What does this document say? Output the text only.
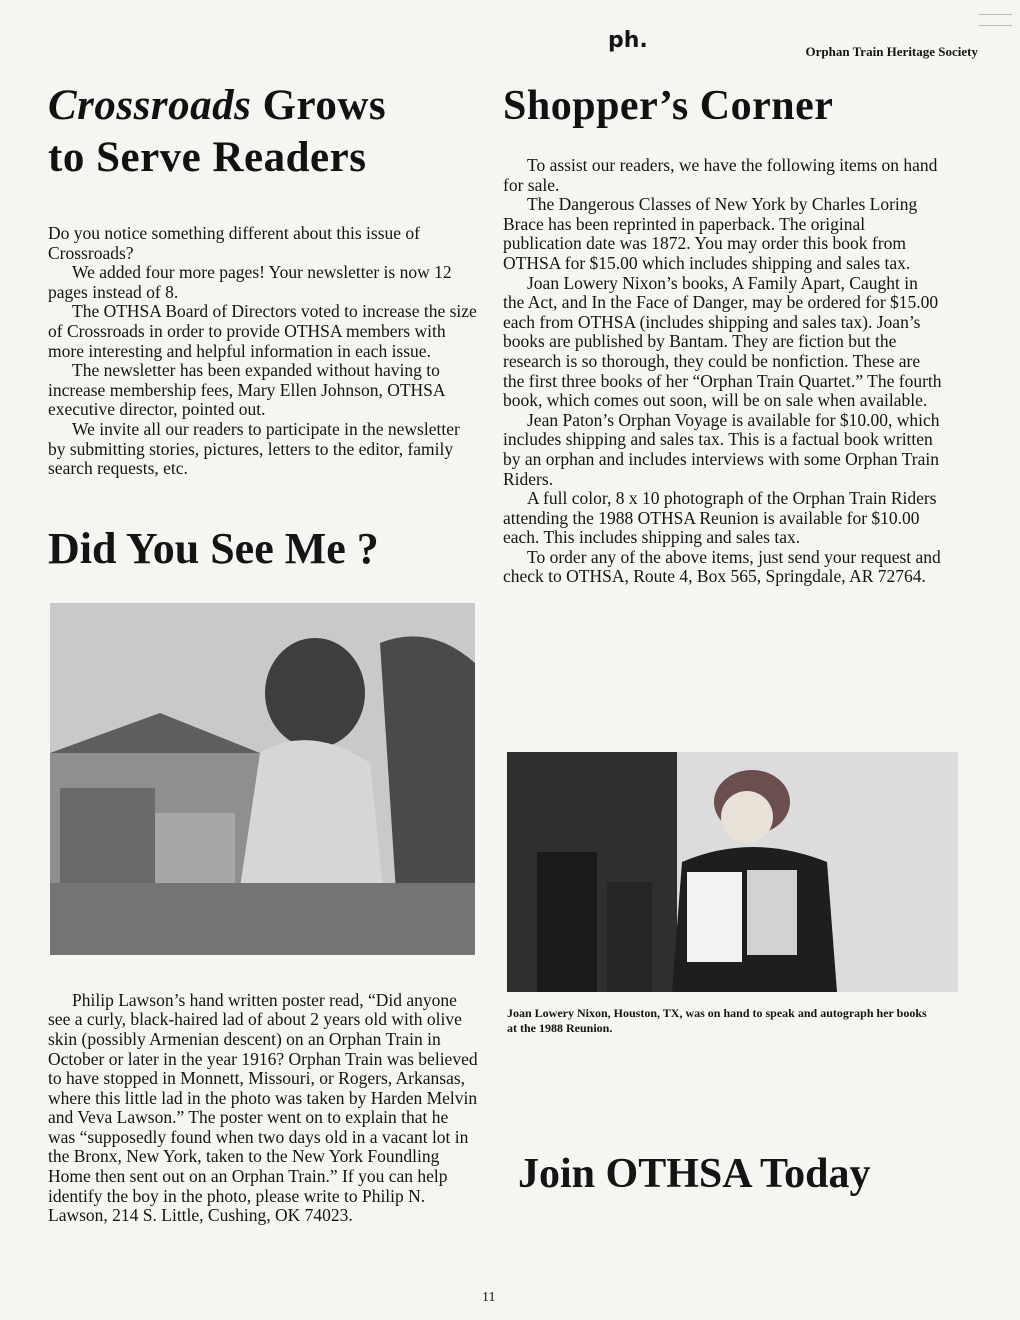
ph.	Orphan Train Heritage Society
Crossroads Grows
to Serve Readers

Do you notice something different about this issue of Crossroads?

We added four more pages! Your newsletter is now 12 pages instead of 8.

The OTHSA Board of Directors voted to increase the size of Crossroads in order to provide OTHSA members with more interesting and helpful information in each issue.

The newsletter has been expanded without having to increase membership fees, Mary Ellen Johnson, OTHSA executive director, pointed out.

We invite all our readers to participate in the newsletter by submitting stories, pictures, letters to the editor, family search requests, etc.

Did You See Me ?

Philip Lawson’s hand written poster read, “Did anyone see a curly, black-haired lad of about 2 years old with olive skin (possibly Armenian descent) on an Orphan Train in October or later in the year 1916? Orphan Train was believed to have stopped in Monnett, Missouri, or Rogers, Arkansas, where this little lad in the photo was taken by Harden Melvin and Veva Lawson.” The poster went on to explain that he was “supposedly found when two days old in a vacant lot in the Bronx, New York, taken to the New York Foundling Home then sent out on an Orphan Train.” If you can help identify the boy in the photo, please write to Philip N. Lawson, 214 S. Little, Cushing, OK 74023.

Shopper’s Corner

To assist our readers, we have the following items on hand for sale.

The Dangerous Classes of New York by Charles Loring Brace has been reprinted in paperback. The original publication date was 1872. You may order this book from OTHSA for $15.00 which includes shipping and sales tax.

Joan Lowery Nixon’s books, A Family Apart, Caught in the Act, and In the Face of Danger, may be ordered for $15.00 each from OTHSA (includes shipping and sales tax). Joan’s books are published by Bantam. They are fiction but the research is so thorough, they could be nonfiction. These are the first three books of her “Orphan Train Quartet.” The fourth book, which comes out soon, will be on sale when available.

Jean Paton’s Orphan Voyage is available for $10.00, which includes shipping and sales tax. This is a factual book written by an orphan and includes interviews with some Orphan Train Riders.

A full color, 8 x 10 photograph of the Orphan Train Riders attending the 1988 OTHSA Reunion is available for $10.00 each. This includes shipping and sales tax.

To order any of the above items, just send your request and check to OTHSA, Route 4, Box 565, Springdale, AR 72764.

Joan Lowery Nixon, Houston, TX, was on hand to speak and autograph her books at the 1988 Reunion.
Join OTHSA Today
11
